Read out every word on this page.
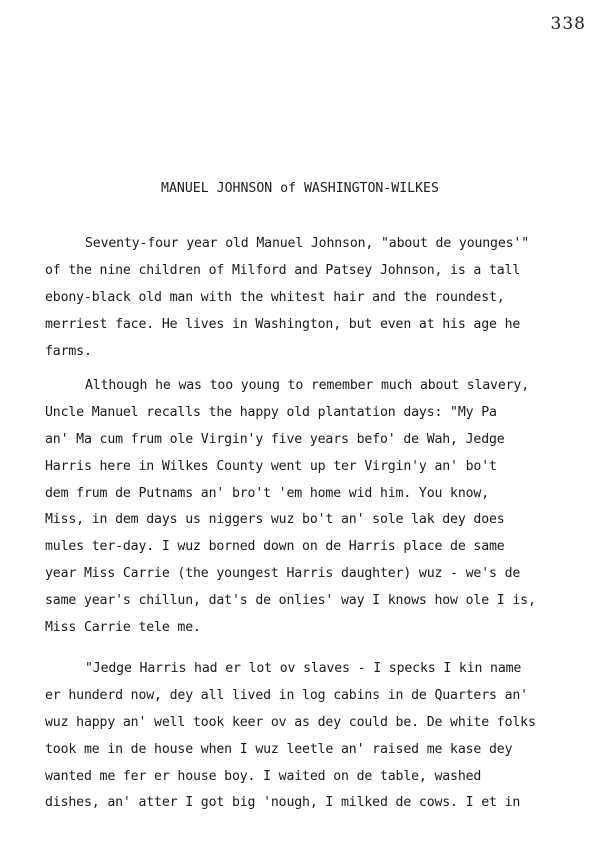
338
MANUEL JOHNSON of WASHINGTON-WILKES
Seventy-four year old Manuel Johnson, "about de younges'"
of the nine children of Milford and Patsey Johnson, is a tall
ebony-black old man with the whitest hair and the roundest,
merriest face. He lives in Washington, but even at his age he
farms.
Although he was too young to remember much about slavery,
Uncle Manuel recalls the happy old plantation days: "My Pa
an' Ma cum frum ole Virgin'y five years befo' de Wah, Jedge
Harris here in Wilkes County went up ter Virgin'y an' bo't
dem frum de Putnams an' bro't 'em home wid him. You know,
Miss, in dem days us niggers wuz bo't an' sole lak dey does
mules ter-day. I wuz borned down on de Harris place de same
year Miss Carrie (the youngest Harris daughter) wuz - we's de
same year's chillun, dat's de onlies' way I knows how ole I is,
Miss Carrie tele me.
"Jedge Harris had er lot ov slaves - I specks I kin name
er hunderd now, dey all lived in log cabins in de Quarters an'
wuz happy an' well took keer ov as dey could be. De white folks
took me in de house when I wuz leetle an' raised me kase dey
wanted me fer er house boy. I waited on de table, washed
dishes, an' atter I got big 'nough, I milked de cows. I et in
